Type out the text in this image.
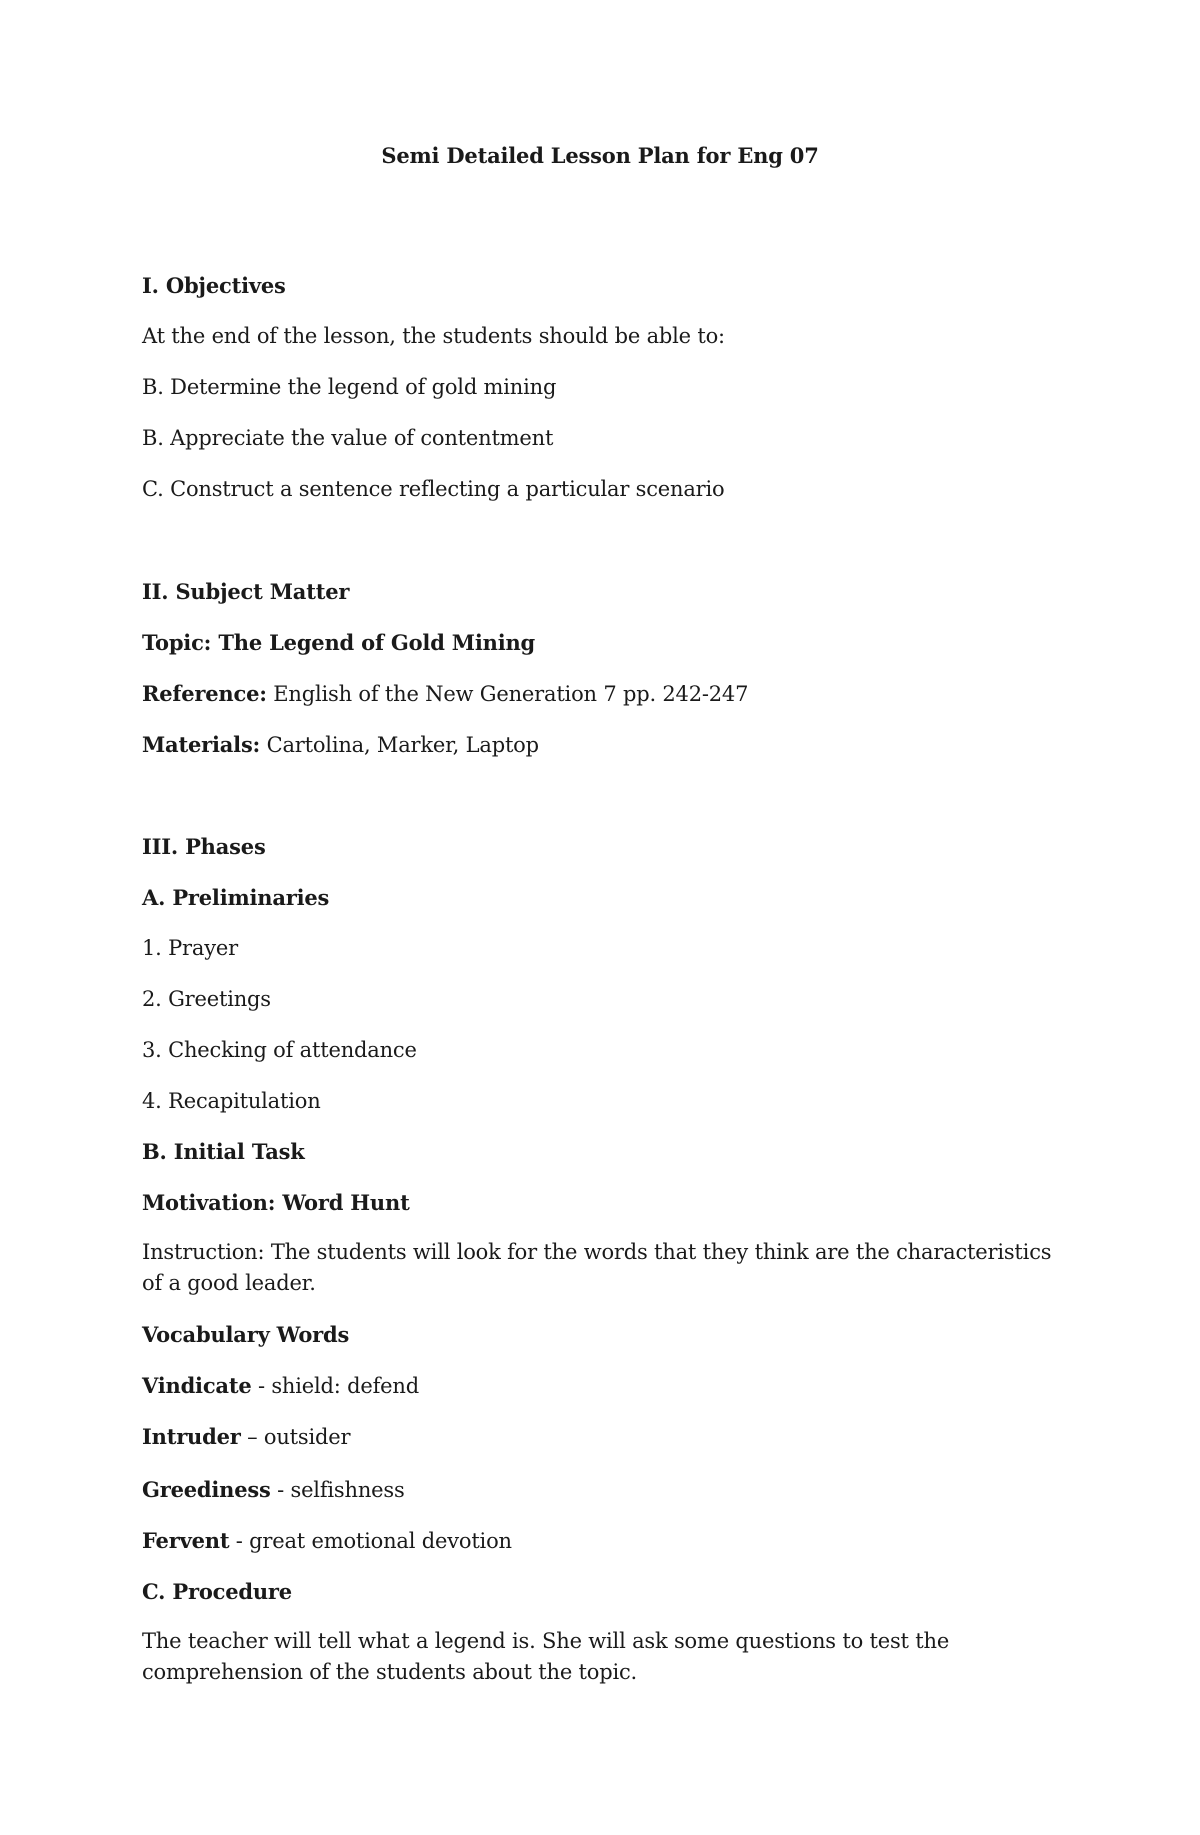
Semi Detailed Lesson Plan for Eng 07
I. Objectives
At the end of the lesson, the students should be able to:
B. Determine the legend of gold mining
B. Appreciate the value of contentment
C. Construct a sentence reflecting a particular scenario
II. Subject Matter
Topic: The Legend of Gold Mining
Reference: English of the New Generation 7 pp. 242-247
Materials: Cartolina, Marker, Laptop
III. Phases
A. Preliminaries
1. Prayer
2. Greetings
3. Checking of attendance
4. Recapitulation
B. Initial Task
Motivation: Word Hunt
Instruction: The students will look for the words that they think are the characteristics of a good leader.
Vocabulary Words
Vindicate - shield: defend
Intruder – outsider
Greediness - selfishness
Fervent - great emotional devotion
C. Procedure
The teacher will tell what a legend is. She will ask some questions to test the comprehension of the students about the topic.
